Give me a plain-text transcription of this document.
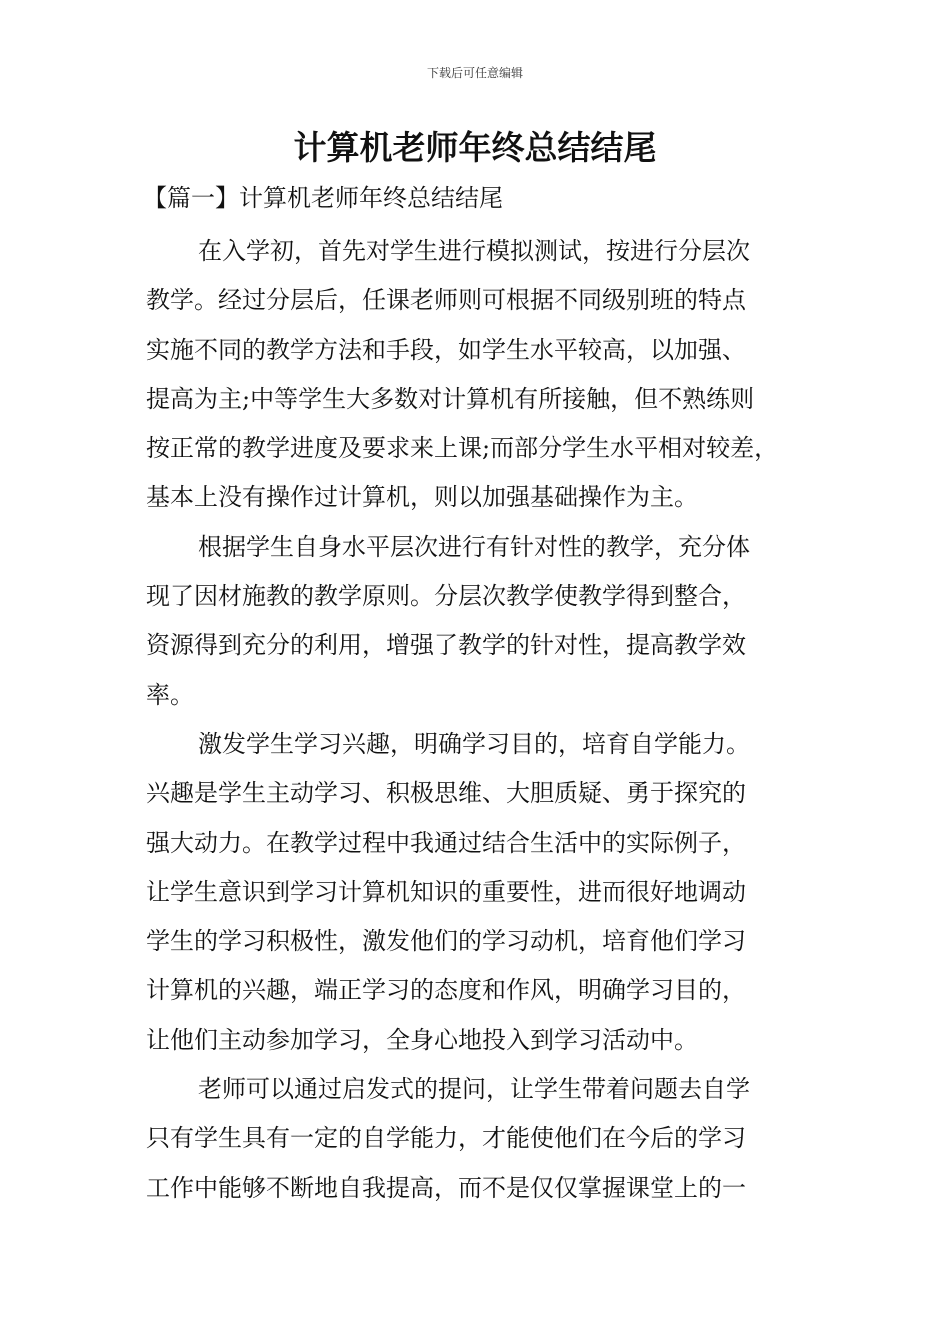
下载后可任意编辑
计算机老师年终总结结尾
【篇一】计算机老师年终总结结尾
在入学初，首先对学生进行模拟测试，按进行分层次
教学。经过分层后，任课老师则可根据不同级别班的特点
实施不同的教学方法和手段，如学生水平较高，以加强、
提高为主;中等学生大多数对计算机有所接触，但不熟练则
按正常的教学进度及要求来上课;而部分学生水平相对较差，
基本上没有操作过计算机，则以加强基础操作为主。
根据学生自身水平层次进行有针对性的教学，充分体
现了因材施教的教学原则。分层次教学使教学得到整合，
资源得到充分的利用，增强了教学的针对性，提高教学效
率。
激发学生学习兴趣，明确学习目的，培育自学能力。
兴趣是学生主动学习、积极思维、大胆质疑、勇于探究的
强大动力。在教学过程中我通过结合生活中的实际例子，
让学生意识到学习计算机知识的重要性，进而很好地调动
学生的学习积极性，激发他们的学习动机，培育他们学习
计算机的兴趣，端正学习的态度和作风，明确学习目的，
让他们主动参加学习，全身心地投入到学习活动中。
老师可以通过启发式的提问，让学生带着问题去自学
只有学生具有一定的自学能力，才能使他们在今后的学习
工作中能够不断地自我提高，而不是仅仅掌握课堂上的一
